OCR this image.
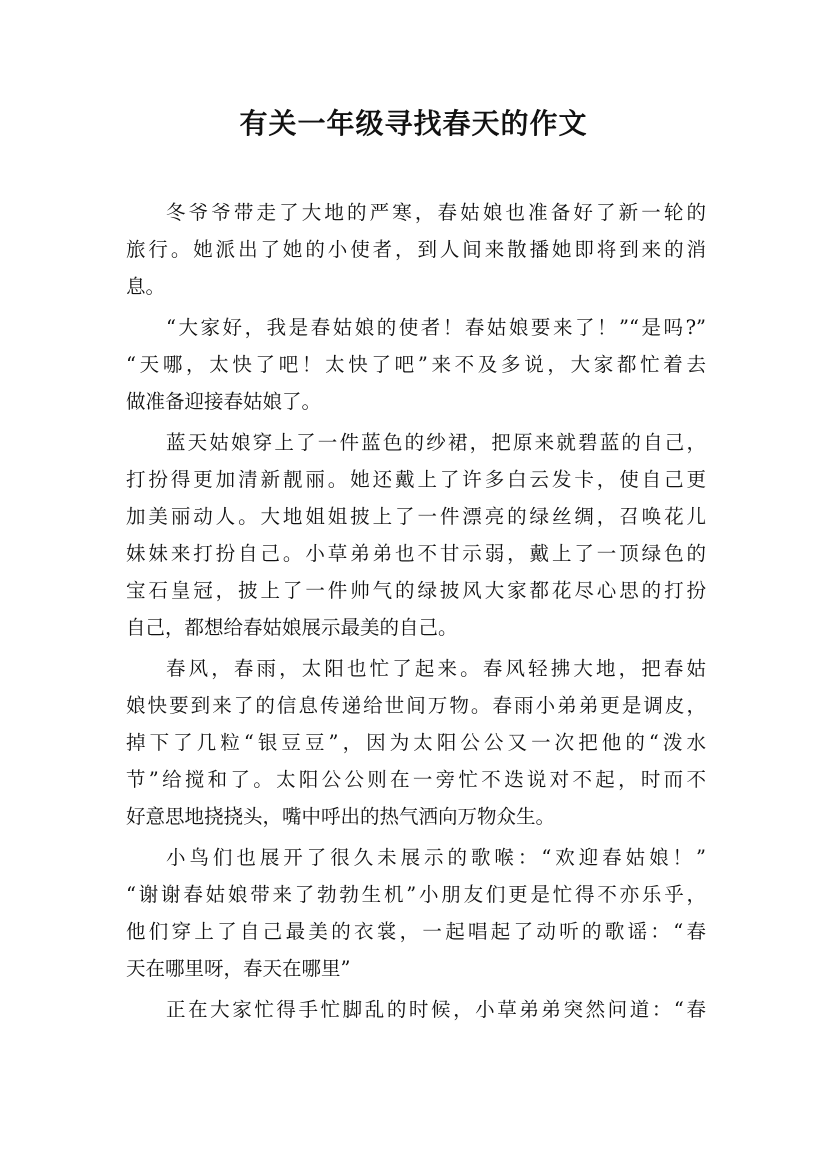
有关一年级寻找春天的作文

冬爷爷带走了大地的严寒，春姑娘也准备好了新一轮的

旅行。她派出了她的小使者，到人间来散播她即将到来的消

息。

“大家好，我是春姑娘的使者！春姑娘要来了！”“是吗?”

“天哪，太快了吧！太快了吧”来不及多说，大家都忙着去

做准备迎接春姑娘了。

蓝天姑娘穿上了一件蓝色的纱裙，把原来就碧蓝的自己，

打扮得更加清新靓丽。她还戴上了许多白云发卡，使自己更

加美丽动人。大地姐姐披上了一件漂亮的绿丝绸，召唤花儿

妹妹来打扮自己。小草弟弟也不甘示弱，戴上了一顶绿色的

宝石皇冠，披上了一件帅气的绿披风大家都花尽心思的打扮

自己，都想给春姑娘展示最美的自己。

春风，春雨，太阳也忙了起来。春风轻拂大地，把春姑

娘快要到来了的信息传递给世间万物。春雨小弟弟更是调皮，

掉下了几粒“银豆豆”，因为太阳公公又一次把他的“泼水

节”给搅和了。太阳公公则在一旁忙不迭说对不起，时而不

好意思地挠挠头，嘴中呼出的热气洒向万物众生。

小鸟们也展开了很久未展示的歌喉：“欢迎春姑娘！”

“谢谢春姑娘带来了勃勃生机”小朋友们更是忙得不亦乐乎，

他们穿上了自己最美的衣裳，一起唱起了动听的歌谣：“春

天在哪里呀，春天在哪里”

正在大家忙得手忙脚乱的时候，小草弟弟突然问道：“春
